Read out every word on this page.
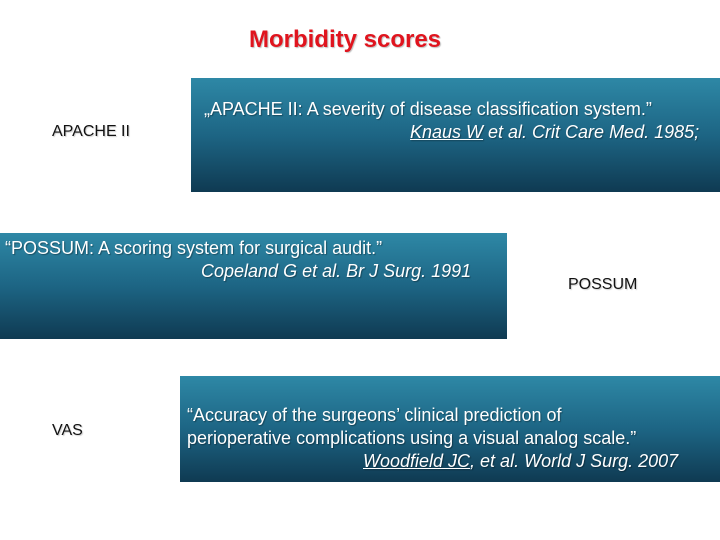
Morbidity scores
APACHE II
„APACHE II: A severity of disease classification system.”
Knaus W et al. Crit Care Med. 1985;
“POSSUM: A scoring system for surgical audit.”
Copeland G et al. Br J Surg. 1991
POSSUM
VAS
“Accuracy of the surgeons’ clinical prediction of
perioperative complications using a visual analog scale.”
Woodfield JC, et al. World J Surg. 2007
